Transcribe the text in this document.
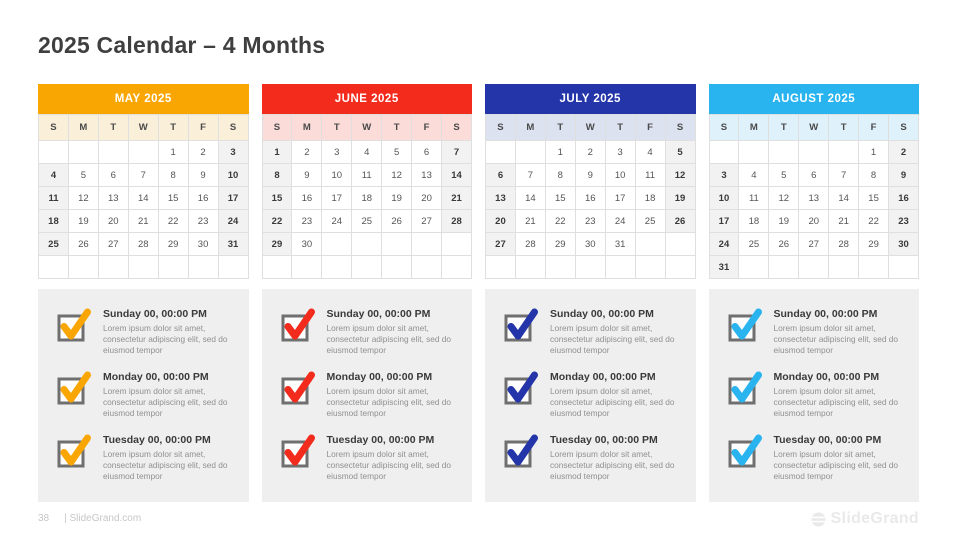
2025 Calendar – 4 Months
MAY 2025
S	M	T	W	T	F	S
				1	2	3
4	5	6	7	8	9	10
11	12	13	14	15	16	17
18	19	20	21	22	23	24
25	26	27	28	29	30	31

Sunday 00, 00:00 PM
Lorem ipsum dolor sit amet, consectetur adipiscing elit, sed do eiusmod tempor
Monday 00, 00:00 PM
Lorem ipsum dolor sit amet, consectetur adipiscing elit, sed do eiusmod tempor
Tuesday 00, 00:00 PM
Lorem ipsum dolor sit amet, consectetur adipiscing elit, sed do eiusmod tempor
JUNE 2025
S	M	T	W	T	F	S
1	2	3	4	5	6	7
8	9	10	11	12	13	14
15	16	17	18	19	20	21
22	23	24	25	26	27	28
29	30					

Sunday 00, 00:00 PM
Lorem ipsum dolor sit amet, consectetur adipiscing elit, sed do eiusmod tempor
Monday 00, 00:00 PM
Lorem ipsum dolor sit amet, consectetur adipiscing elit, sed do eiusmod tempor
Tuesday 00, 00:00 PM
Lorem ipsum dolor sit amet, consectetur adipiscing elit, sed do eiusmod tempor
JULY 2025
S	M	T	W	T	F	S
		1	2	3	4	5
6	7	8	9	10	11	12
13	14	15	16	17	18	19
20	21	22	23	24	25	26
27	28	29	30	31		

Sunday 00, 00:00 PM
Lorem ipsum dolor sit amet, consectetur adipiscing elit, sed do eiusmod tempor
Monday 00, 00:00 PM
Lorem ipsum dolor sit amet, consectetur adipiscing elit, sed do eiusmod tempor
Tuesday 00, 00:00 PM
Lorem ipsum dolor sit amet, consectetur adipiscing elit, sed do eiusmod tempor
AUGUST 2025
S	M	T	W	T	F	S
					1	2
3	4	5	6	7	8	9
10	11	12	13	14	15	16
17	18	19	20	21	22	23
24	25	26	27	28	29	30
31						
Sunday 00, 00:00 PM
Lorem ipsum dolor sit amet, consectetur adipiscing elit, sed do eiusmod tempor
Monday 00, 00:00 PM
Lorem ipsum dolor sit amet, consectetur adipiscing elit, sed do eiusmod tempor
Tuesday 00, 00:00 PM
Lorem ipsum dolor sit amet, consectetur adipiscing elit, sed do eiusmod tempor
38 | SlideGrand.com	SlideGrand
